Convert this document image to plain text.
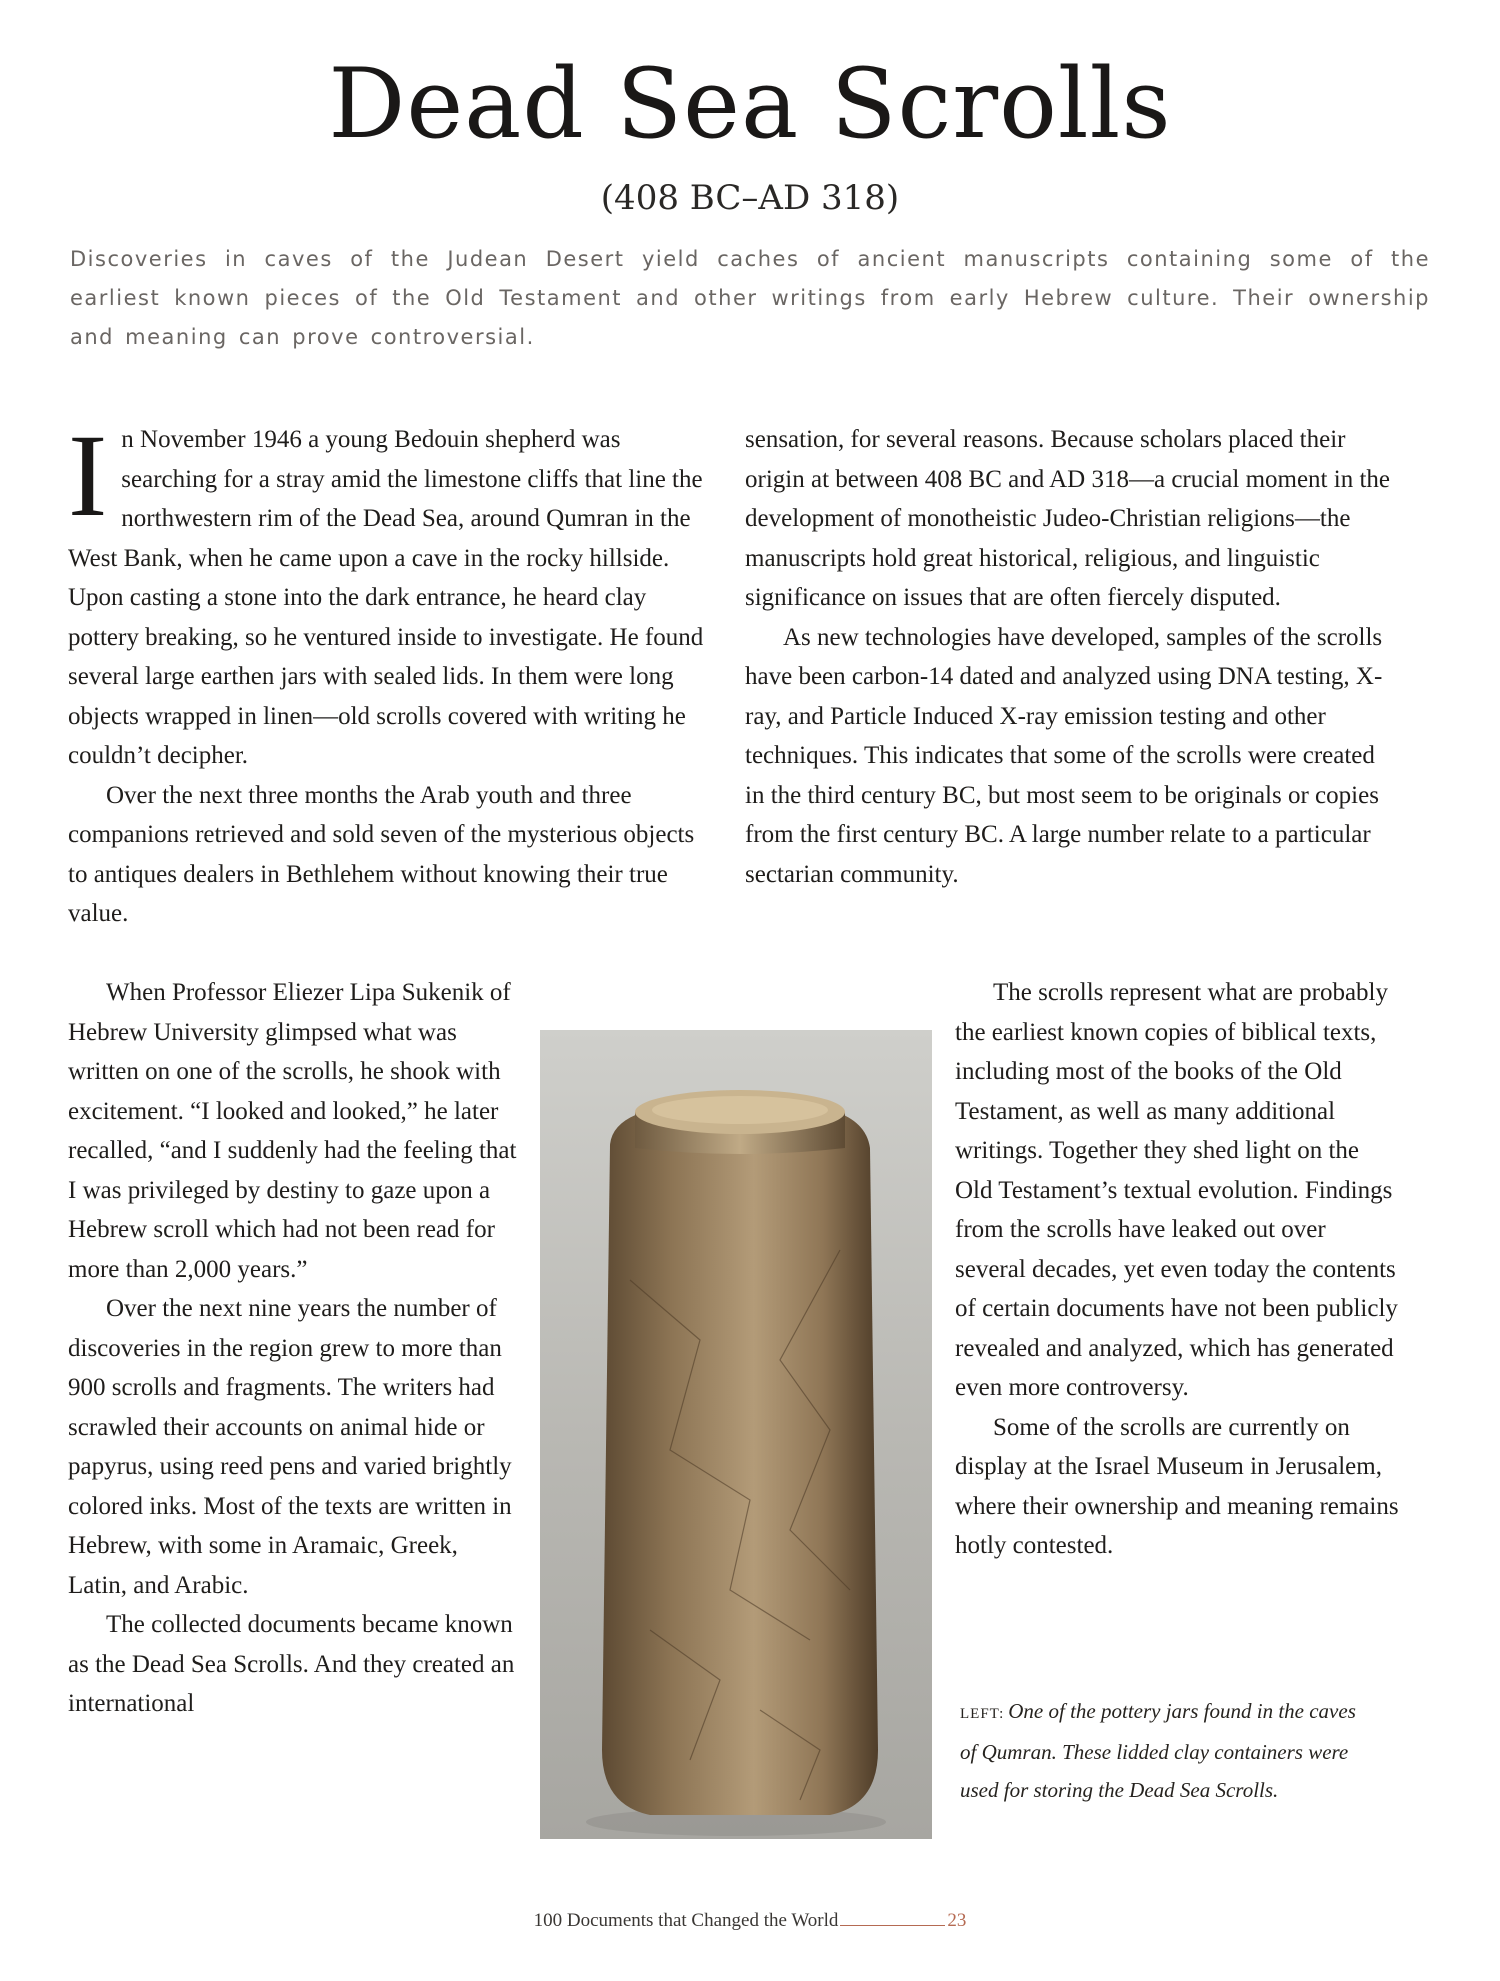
Dead Sea Scrolls
(408 BC–AD 318)

Discoveries in caves of the Judean Desert yield caches of ancient manuscripts containing some of the earliest known pieces of the Old Testament and other writings from early Hebrew culture. Their ownership and meaning can prove controversial.

In November 1946 a young Bedouin shepherd was searching for a stray amid the limestone cliffs that line the northwestern rim of the Dead Sea, around Qumran in the West Bank, when he came upon a cave in the rocky hillside. Upon casting a stone into the dark entrance, he heard clay pottery breaking, so he ventured inside to investigate. He found several large earthen jars with sealed lids. In them were long objects wrapped in linen—old scrolls covered with writing he couldn’t decipher.

Over the next three months the Arab youth and three companions retrieved and sold seven of the mysterious objects to antiques dealers in Bethlehem without knowing their true value.

When Professor Eliezer Lipa Sukenik of Hebrew University glimpsed what was written on one of the scrolls, he shook with excitement. “I looked and looked,” he later recalled, “and I suddenly had the feeling that I was privileged by destiny to gaze upon a Hebrew scroll which had not been read for more than 2,000 years.”

Over the next nine years the number of discoveries in the region grew to more than 900 scrolls and fragments. The writers had scrawled their accounts on animal hide or papyrus, using reed pens and varied brightly colored inks. Most of the texts are written in Hebrew, with some in Aramaic, Greek, Latin, and Arabic.

The collected documents became known as the Dead Sea Scrolls. And they created an international

sensation, for several reasons. Because scholars placed their origin at between 408 BC and AD 318—a crucial moment in the development of monotheistic Judeo-Christian religions—the manuscripts hold great historical, religious, and linguistic significance on issues that are often fiercely disputed.

As new technologies have developed, samples of the scrolls have been carbon-14 dated and analyzed using DNA testing, X-ray, and Particle Induced X-ray emission testing and other techniques. This indicates that some of the scrolls were created in the third century BC, but most seem to be originals or copies from the first century BC. A large number relate to a particular sectarian community.

The scrolls represent what are probably the earliest known copies of biblical texts, including most of the books of the Old Testament, as well as many additional writings. Together they shed light on the Old Testament’s textual evolution. Findings from the scrolls have leaked out over several decades, yet even today the contents of certain documents have not been publicly revealed and analyzed, which has generated even more controversy.

Some of the scrolls are currently on display at the Israel Museum in Jerusalem, where their ownership and meaning remains hotly contested.

LEFT: One of the pottery jars found in the caves of Qumran. These lidded clay containers were used for storing the Dead Sea Scrolls.
100 Documents that Changed the World	23
